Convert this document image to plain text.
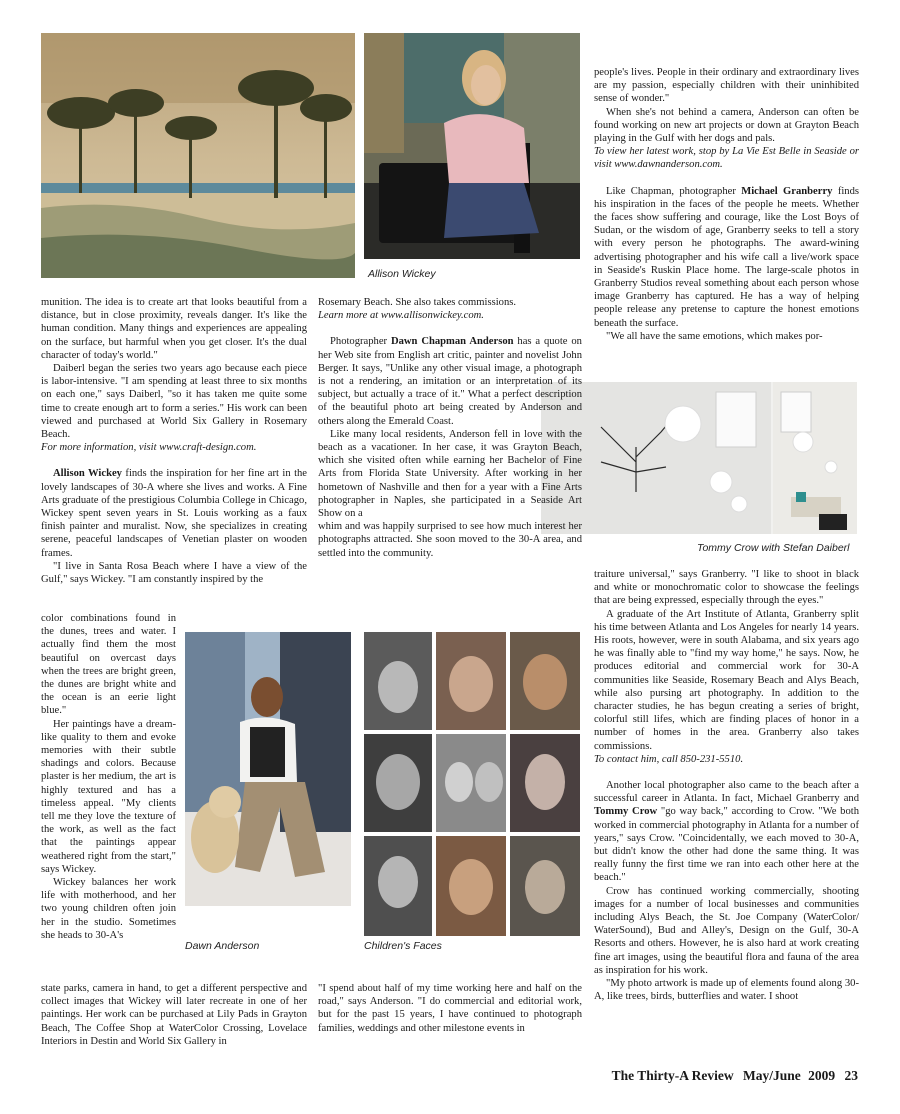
Allison Wickey
Tommy Crow with Stefan Daiberl
Dawn Anderson	Children's Faces

munition. The idea is to create art that looks beautiful from a distance, but in close proximity, reveals danger. It's like the human condition. Many things and experiences are appealing on the surface, but harmful when you get closer. It's the dual character of today's world."

Daiberl began the series two years ago because each piece is labor-intensive. "I am spending at least three to six months on each one," says Daiberl, "so it has taken me quite some time to create enough art to form a series." His work can been viewed and purchased at World Six Gallery in Rosemary Beach.

For more information, visit www.craft-design.com.

Allison Wickey finds the inspiration for her fine art in the lovely landscapes of 30-A where she lives and works. A Fine Arts graduate of the prestigious Columbia College in Chicago, Wickey spent seven years in St. Louis working as a faux finish painter and muralist. Now, she specializes in creating serene, peaceful landscapes of Venetian plaster on wooden frames.

"I live in Santa Rosa Beach where I have a view of the Gulf," says Wickey. "I am constantly inspired by the

color combinations found in the dunes, trees and water. I actually find them the most beautiful on overcast days when the trees are bright green, the dunes are bright white and the ocean is an eerie light blue."

Her paintings have a dream-like quality to them and evoke memories with their subtle shadings and colors. Because plaster is her medium, the art is highly textured and has a timeless appeal. "My clients tell me they love the texture of the work, as well as the fact that the paintings appear weathered right from the start," says Wickey.

Wickey balances her work life with motherhood, and her two young children often join her in the studio. Sometimes she heads to 30-A's

state parks, camera in hand, to get a different perspective and collect images that Wickey will later recreate in one of her paintings. Her work can be purchased at Lily Pads in Grayton Beach, The Coffee Shop at WaterColor Crossing, Lovelace Interiors in Destin and World Six Gallery in

Rosemary Beach. She also takes commissions.

Learn more at www.allisonwickey.com.

Photographer Dawn Chapman Anderson has a quote on her Web site from English art critic, painter and novelist John Berger. It says, "Unlike any other visual image, a photograph is not a rendering, an imitation or an interpretation of its subject, but actually a trace of it." What a perfect description of the beautiful photo art being created by Anderson and others along the Emerald Coast.

Like many local residents, Anderson fell in love with the beach as a vacationer. In her case, it was Grayton Beach, which she visited often while earning her Bachelor of Fine Arts from Florida State University. After working in her hometown of Nashville and then for a year with a Fine Arts photographer in Naples, she participated in a Seaside Art Show on a

whim and was happily surprised to see how much interest her photographs attracted. She soon moved to the 30-A area, and settled into the community.

"I spend about half of my time working here and half on the road," says Anderson. "I do commercial and editorial work, but for the past 15 years, I have continued to photograph families, weddings and other milestone events in

people's lives. People in their ordinary and extraordinary lives are my passion, especially children with their uninhibited sense of wonder."

When she's not behind a camera, Anderson can often be found working on new art projects or down at Grayton Beach playing in the Gulf with her dogs and pals.

To view her latest work, stop by La Vie Est Belle in Seaside or visit www.dawnanderson.com.

Like Chapman, photographer Michael Granberry finds his inspiration in the faces of the people he meets. Whether the faces show suffering and courage, like the Lost Boys of Sudan, or the wisdom of age, Granberry seeks to tell a story with every person he photographs. The award-wining advertising photographer and his wife call a live/work space in Seaside's Ruskin Place home. The large-scale photos in Granberry Studios reveal something about each person whose image Granberry has captured. He has a way of helping people release any pretense to capture the honest emotions beneath the surface.

"We all have the same emotions, which makes por-

traiture universal," says Granberry. "I like to shoot in black and white or monochromatic color to showcase the feelings that are being expressed, especially through the eyes."

A graduate of the Art Institute of Atlanta, Granberry split his time between Atlanta and Los Angeles for nearly 14 years. His roots, however, were in south Alabama, and six years ago he was finally able to "find my way home," he says. Now, he produces editorial and commercial work for 30-A communities like Seaside, Rosemary Beach and Alys Beach, while also pursing art photography. In addition to the character studies, he has begun creating a series of bright, colorful still lifes, which are finding places of honor in a number of homes in the area. Granberry also takes commissions.

To contact him, call 850-231-5510.

Another local photographer also came to the beach after a successful career in Atlanta. In fact, Michael Granberry and Tommy Crow "go way back," according to Crow. "We both worked in commercial photography in Atlanta for a number of years," says Crow. "Coincidentally, we each moved to 30-A, but didn't know the other had done the same thing. It was really funny the first time we ran into each other here at the beach."

Crow has continued working commercially, shooting images for a number of local businesses and communities including Alys Beach, the St. Joe Company (WaterColor/ WaterSound), Bud and Alley's, Design on the Gulf, 30-A Resorts and others. However, he is also hard at work creating fine art images, using the beautiful flora and fauna of the area as inspiration for his work.

"My photo artwork is made up of elements found along 30-A, like trees, birds, butterflies and water. I shoot

The Thirty-A Review May/June 2009 23
